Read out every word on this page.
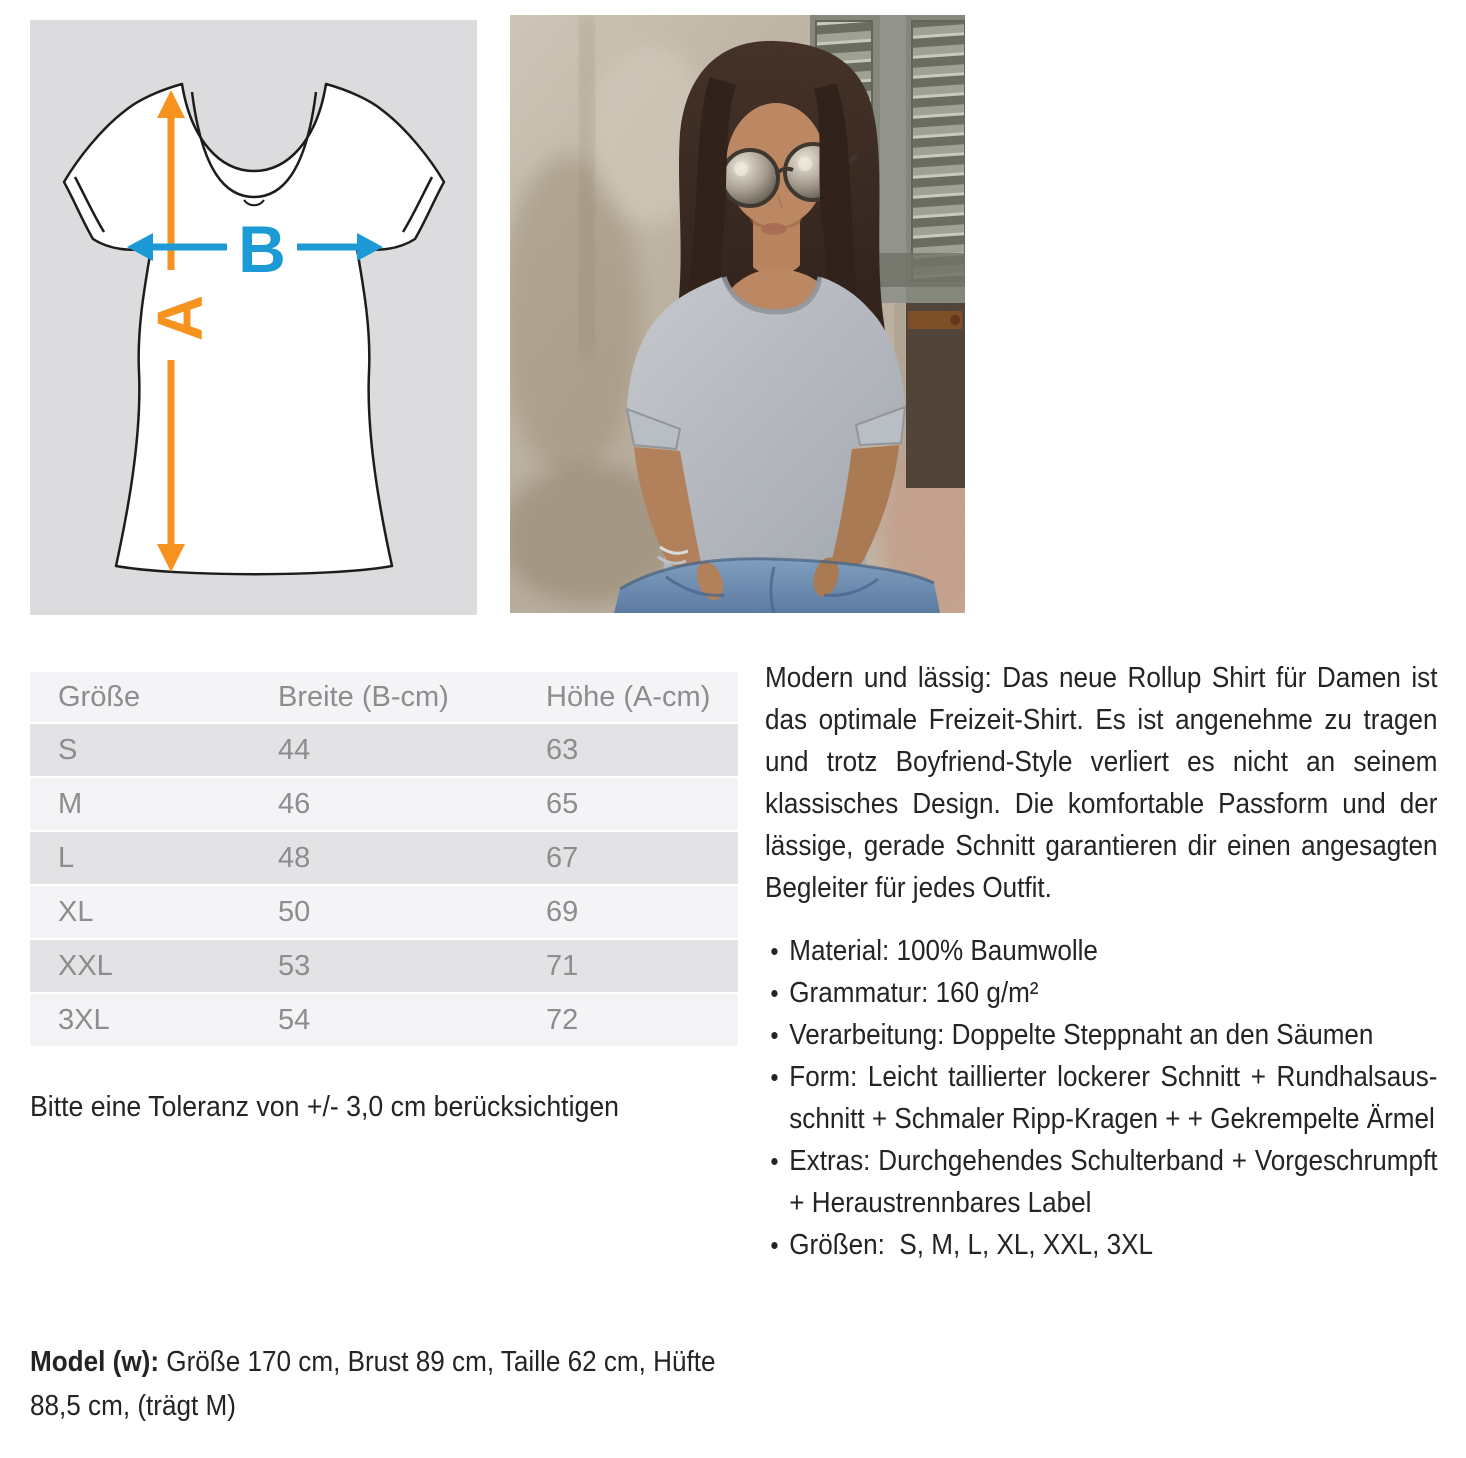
A
B
Größe	Breite (B-cm)	Höhe (A-cm)
S	44	63
M	46	65
L	48	67
XL	50	69
XXL	53	71
3XL	54	72

Modern und lässig: Das neue Rollup Shirt für Damen ist das optimale Freizeit-Shirt. Es ist angenehme zu tragen und trotz Boyfriend-Style verliert es nicht an seinem klassisches Design. Die komfortable Passform und der lässige, gerade Schnitt garantieren dir einen angesagten Begleiter für jedes Outfit.

Material: 100% Baumwolle
Grammatur: 160 g/m²
Verarbeitung: Doppelte Steppnaht an den Säumen
Form: Leicht taillierter lockerer Schnitt + Rundhalsausschnitt + Schmaler Ripp-Kragen + + Gekrempelte Ärmel
Extras: Durchgehendes Schulterband + Vorgeschrumpft + Heraustrennbares Label
Größen:  S, M, L, XL, XXL, 3XL
Bitte eine Toleranz von +/- 3,0 cm berücksichtigen
Model (w): Größe 170 cm, Brust 89 cm, Taille 62 cm, Hüfte 88,5 cm, (trägt M)
